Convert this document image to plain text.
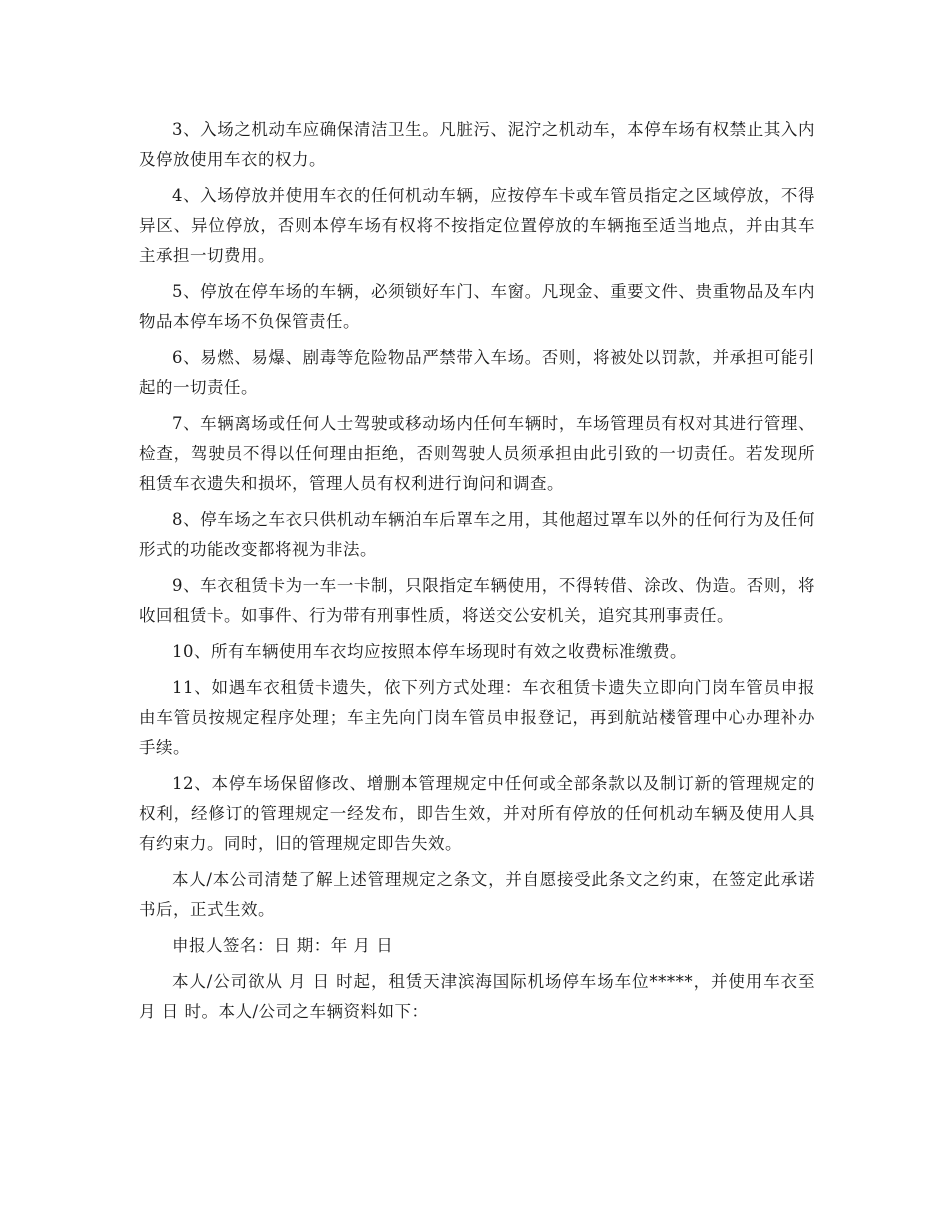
3、入场之机动车应确保清洁卫生。凡脏污、泥泞之机动车，本停车场有权禁止其入内及停放使用车衣的权力。

4、入场停放并使用车衣的任何机动车辆，应按停车卡或车管员指定之区域停放，不得异区、异位停放，否则本停车场有权将不按指定位置停放的车辆拖至适当地点，并由其车主承担一切费用。

5、停放在停车场的车辆，必须锁好车门、车窗。凡现金、重要文件、贵重物品及车内物品本停车场不负保管责任。

6、易燃、易爆、剧毒等危险物品严禁带入车场。否则，将被处以罚款，并承担可能引起的一切责任。

7、车辆离场或任何人士驾驶或移动场内任何车辆时，车场管理员有权对其进行管理、检查，驾驶员不得以任何理由拒绝，否则驾驶人员须承担由此引致的一切责任。若发现所租赁车衣遗失和损坏，管理人员有权利进行询问和调查。

8、停车场之车衣只供机动车辆泊车后罩车之用，其他超过罩车以外的任何行为及任何形式的功能改变都将视为非法。

9、车衣租赁卡为一车一卡制，只限指定车辆使用，不得转借、涂改、伪造。否则，将收回租赁卡。如事件、行为带有刑事性质，将送交公安机关，追究其刑事责任。

10、所有车辆使用车衣均应按照本停车场现时有效之收费标准缴费。

11、如遇车衣租赁卡遗失，依下列方式处理：车衣租赁卡遗失立即向门岗车管员申报由车管员按规定程序处理；车主先向门岗车管员申报登记，再到航站楼管理中心办理补办手续。

12、本停车场保留修改、增删本管理规定中任何或全部条款以及制订新的管理规定的权利，经修订的管理规定一经发布，即告生效，并对所有停放的任何机动车辆及使用人具有约束力。同时，旧的管理规定即告失效。

本人/本公司清楚了解上述管理规定之条文，并自愿接受此条文之约束，在签定此承诺书后，正式生效。

申报人签名：日 期：年 月 日

本人/公司欲从 月 日 时起，租赁天津滨海国际机场停车场车位*****，并使用车衣至 月 日 时。本人/公司之车辆资料如下：
